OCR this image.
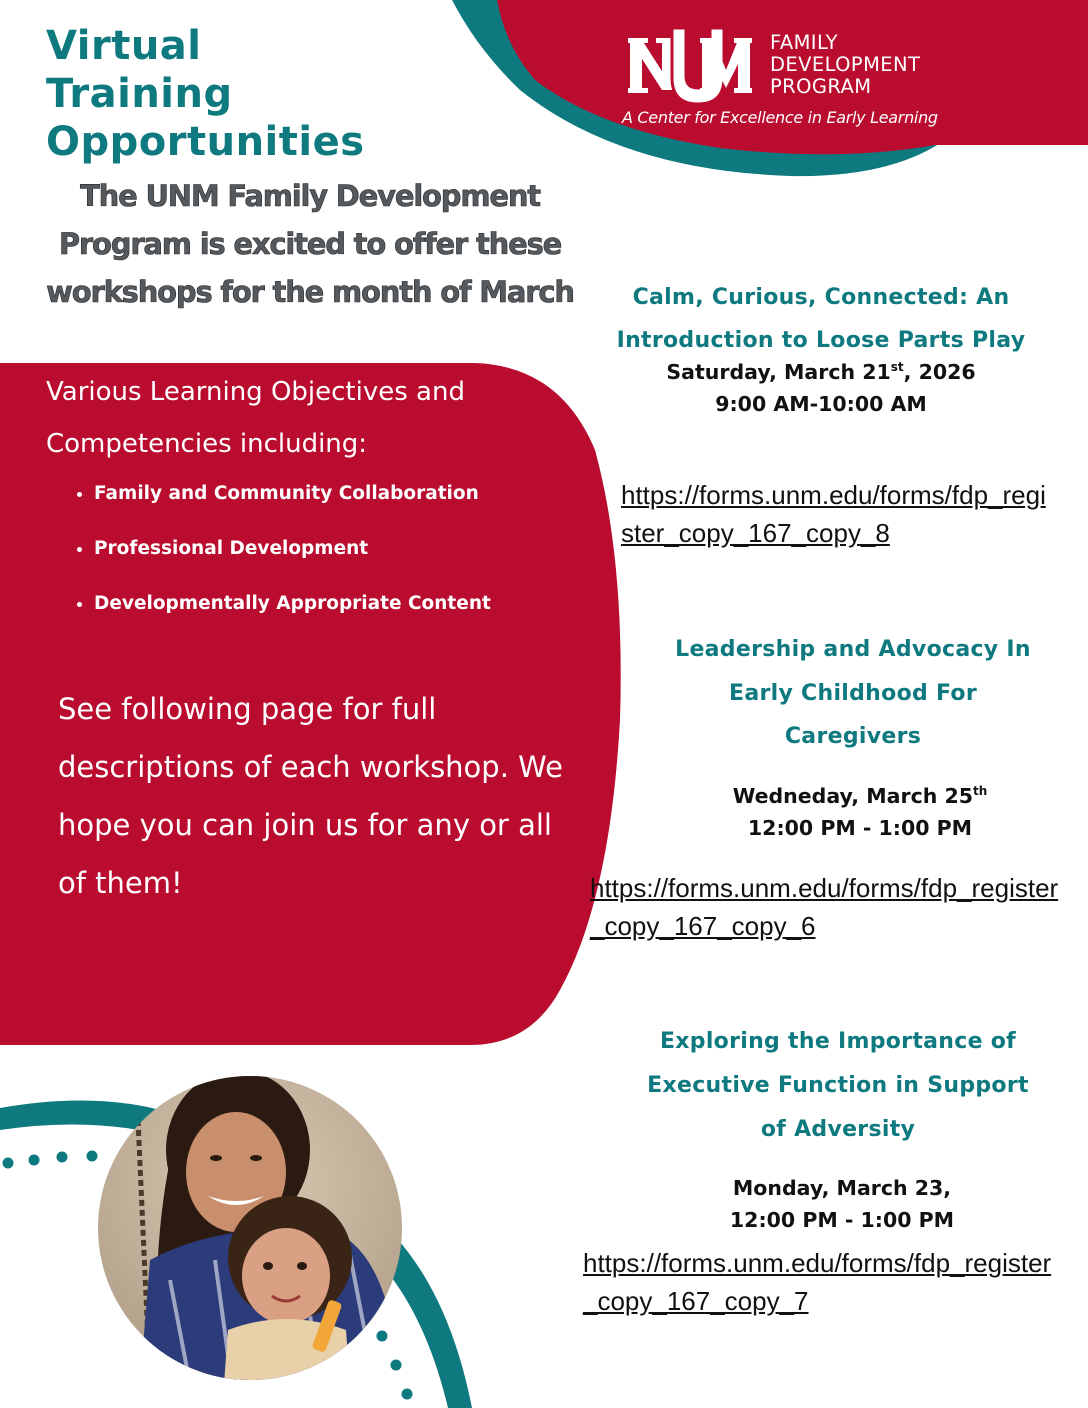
Virtual
Training
Opportunities

The UNM Family Development Program is excited to offer these workshops for the month of March

FAMILY
DEVELOPMENT
PROGRAM

A Center for Excellence in Early Learning

Various Learning Objectives and Competencies including:

• Family and Community Collaboration
• Professional Development
• Developmentally Appropriate Content

See following page for full descriptions of each workshop. We hope you can join us for any or all of them!

Calm, Curious, Connected: An Introduction to Loose Parts Play

Saturday, March 21st, 2026

9:00 AM-10:00 AM

https://forms.unm.edu/forms/fdp_register_copy_167_copy_8

Leadership and Advocacy In Early Childhood For Caregivers

Wedneday, March 25th

12:00 PM - 1:00 PM

https://forms.unm.edu/forms/fdp_register_copy_167_copy_6

Exploring the Importance of Executive Function in Support of Adversity

Monday, March 23,

12:00 PM - 1:00 PM

https://forms.unm.edu/forms/fdp_register_copy_167_copy_7
